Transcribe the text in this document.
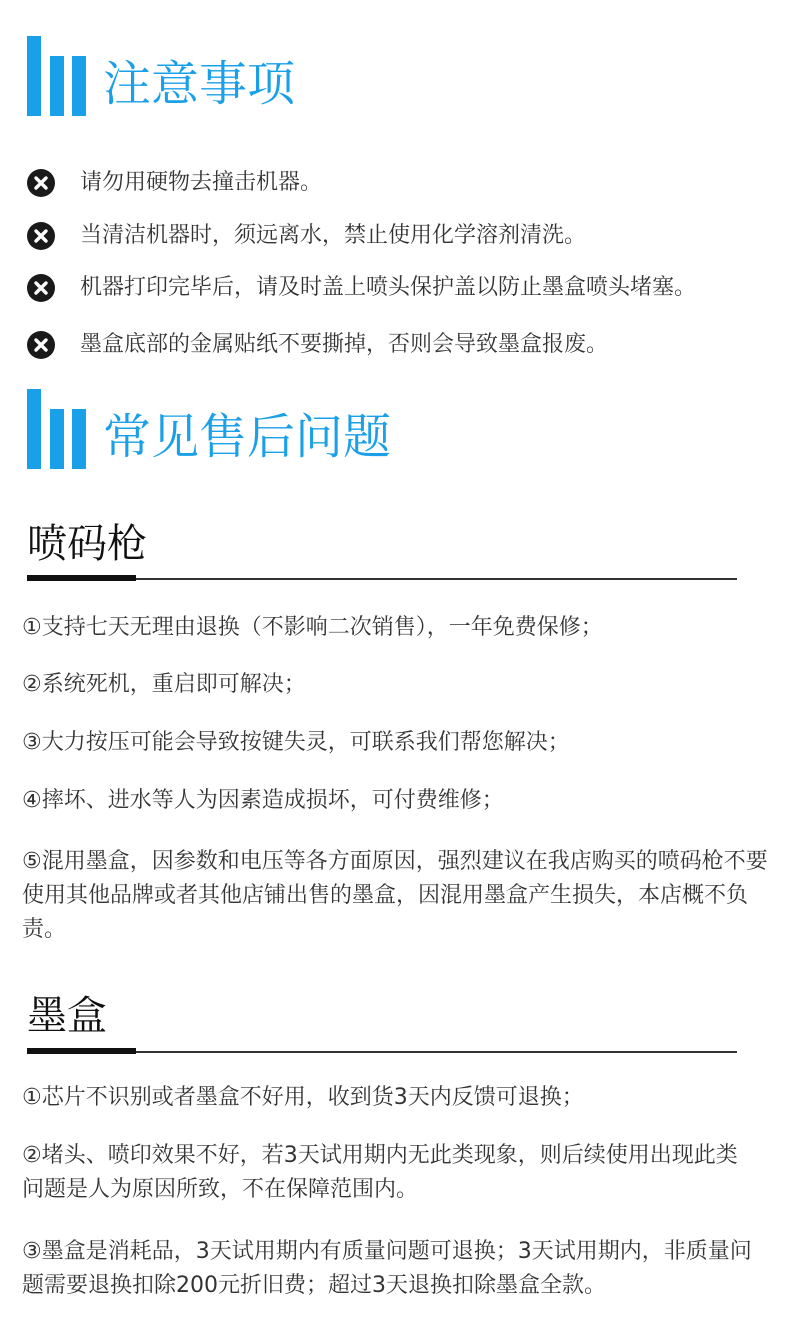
注意事项
请勿用硬物去撞击机器。
当清洁机器时，须远离水，禁止使用化学溶剂清洗。
机器打印完毕后，请及时盖上喷头保护盖以防止墨盒喷头堵塞。
墨盒底部的金属贴纸不要撕掉，否则会导致墨盒报废。
常见售后问题
喷码枪
①支持七天无理由退换（不影响二次销售），一年免费保修；
②系统死机，重启即可解决；
③大力按压可能会导致按键失灵，可联系我们帮您解决；
④摔坏、进水等人为因素造成损坏，可付费维修；
⑤混用墨盒，因参数和电压等各方面原因，强烈建议在我店购买的喷码枪不要使用其他品牌或者其他店铺出售的墨盒，因混用墨盒产生损失，本店概不负责。
墨盒
①芯片不识别或者墨盒不好用，收到货3天内反馈可退换；
②堵头、喷印效果不好，若3天试用期内无此类现象，则后续使用出现此类问题是人为原因所致，不在保障范围内。
③墨盒是消耗品，3天试用期内有质量问题可退换；3天试用期内，非质量问题需要退换扣除200元折旧费；超过3天退换扣除墨盒全款。
